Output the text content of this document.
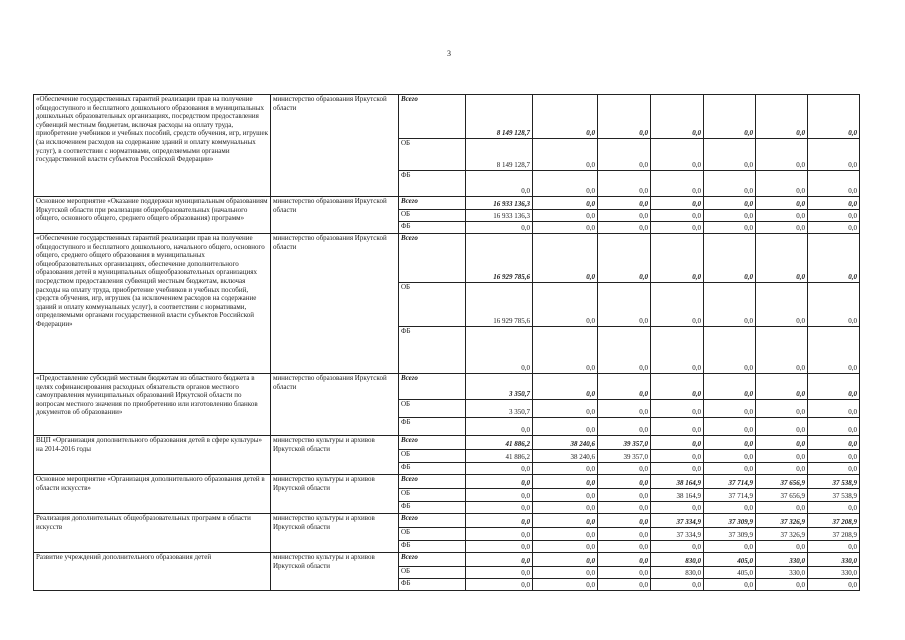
3
«Обеспечение государственных гарантий реализации прав на получение общедоступного и бесплатного дошкольного образования в муниципальных дошкольных образовательных организациях, посредством предоставления субвенций местным бюджетам, включая расходы на оплату труда, приобретение учебников и учебных пособий, средств обучения, игр, игрушек (за исключением расходов на содержание зданий и оплату коммунальных услуг), в соответствии с нормативами, определяемыми органами государственной власти субъектов Российской Федерации»	министерство образования Иркутской области	Всего	8 149 128,7	0,0	0,0	0,0	0,0	0,0	0,0
		ОБ	8 149 128,7	0,0	0,0	0,0	0,0	0,0	0,0
		ФБ	0,0	0,0	0,0	0,0	0,0	0,0	0,0
Основное мероприятие «Оказание поддержки муниципальным образованиям Иркутской области при реализации общеобразовательных (начального общего, основного общего, среднего общего образования) программ»	министерство образования Иркутской области	Всего	16 933 136,3	0,0	0,0	0,0	0,0	0,0	0,0
		ОБ	16 933 136,3	0,0	0,0	0,0	0,0	0,0	0,0
		ФБ	0,0	0,0	0,0	0,0	0,0	0,0	0,0
«Обеспечение государственных гарантий реализации прав на получение общедоступного и бесплатного дошкольного, начального общего, основного общего, среднего общего образования в муниципальных общеобразовательных организациях, обеспечение дополнительного образования детей в муниципальных общеобразовательных организациях посредством предоставления субвенций местным бюджетам, включая расходы на оплату труда, приобретение учебников и учебных пособий, средств обучения, игр, игрушек (за исключением расходов на содержание зданий и оплату коммунальных услуг), в соответствии с нормативами, определяемыми органами государственной власти субъектов Российской Федерации»	министерство образования Иркутской области	Всего	16 929 785,6	0,0	0,0	0,0	0,0	0,0	0,0
		ОБ	16 929 785,6	0,0	0,0	0,0	0,0	0,0	0,0
		ФБ	0,0	0,0	0,0	0,0	0,0	0,0	0,0
«Предоставление субсидий местным бюджетам из областного бюджета в целях софинансирования расходных обязательств органов местного самоуправления муниципальных образований Иркутской области по вопросам местного значения по приобретению или изготовлению бланков документов об образовании»	министерство образования Иркутской области	Всего	3 350,7	0,0	0,0	0,0	0,0	0,0	0,0
		ОБ	3 350,7	0,0	0,0	0,0	0,0	0,0	0,0
		ФБ	0,0	0,0	0,0	0,0	0,0	0,0	0,0
ВЦП «Организация дополнительного образования детей в сфере культуры» на 2014-2016 годы	министерство культуры и архивов Иркутской области	Всего	41 886,2	38 240,6	39 357,0	0,0	0,0	0,0	0,0
		ОБ	41 886,2	38 240,6	39 357,0	0,0	0,0	0,0	0,0
		ФБ	0,0	0,0	0,0	0,0	0,0	0,0	0,0
Основное мероприятие «Организация дополнительного образования детей в области искусств»	министерство культуры и архивов Иркутской области	Всего	0,0	0,0	0,0	38 164,9	37 714,9	37 656,9	37 538,9
		ОБ	0,0	0,0	0,0	38 164,9	37 714,9	37 656,9	37 538,9
		ФБ	0,0	0,0	0,0	0,0	0,0	0,0	0,0
Реализация дополнительных общеобразовательных программ в области искусств	министерство культуры и архивов Иркутской области	Всего	0,0	0,0	0,0	37 334,9	37 309,9	37 326,9	37 208,9
		ОБ	0,0	0,0	0,0	37 334,9	37 309,9	37 326,9	37 208,9
		ФБ	0,0	0,0	0,0	0,0	0,0	0,0	0,0
Развитие учреждений дополнительного образования детей	министерство культуры и архивов Иркутской области	Всего	0,0	0,0	0,0	830,0	405,0	330,0	330,0
		ОБ	0,0	0,0	0,0	830,0	405,0	330,0	330,0
		ФБ	0,0	0,0	0,0	0,0	0,0	0,0	0,0
